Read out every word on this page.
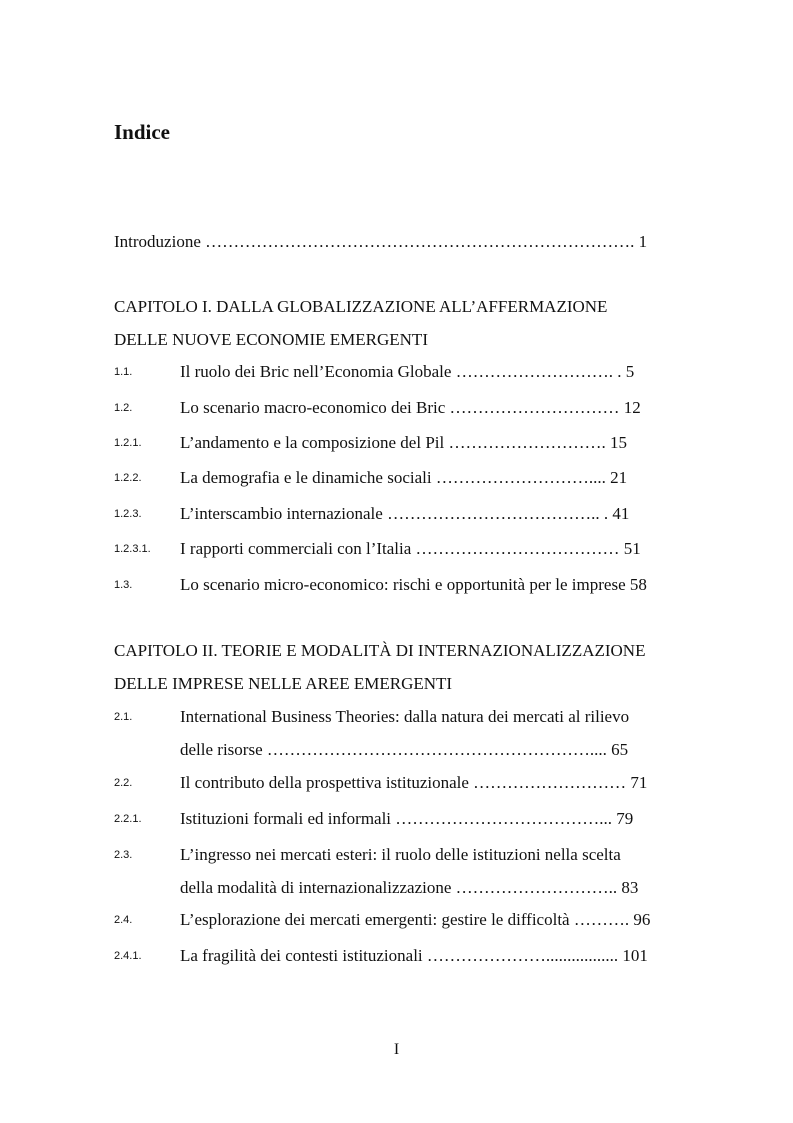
Indice
Introduzione …………………………………………………………………. 1
CAPITOLO I. DALLA GLOBALIZZAZIONE ALL’AFFERMAZIONE
DELLE NUOVE ECONOMIE EMERGENTI
1.1.	Il ruolo dei Bric nell’Economia Globale ………………………. . 5
1.2.	Lo scenario macro-economico dei Bric ………………………… 12
1.2.1. L’andamento e la composizione del Pil ………………………. 15
1.2.2. La demografia e le dinamiche sociali ……………………….... 21
1.2.3. L’interscambio internazionale ……………………………….. . 41
1.2.3.1. I rapporti commerciali con l’Italia ……………………………… 51
1.3.	Lo scenario micro-economico: rischi e opportunità per le imprese 58
CAPITOLO II. TEORIE E MODALITÀ DI INTERNAZIONALIZZAZIONE
DELLE IMPRESE NELLE AREE EMERGENTI
2.1.	International Business Theories: dalla natura dei mercati al rilievo
delle risorse ………………………………………………….... 65
2.2.	Il contributo della prospettiva istituzionale ……………………… 71
2.2.1. Istituzioni formali ed informali ………………………………... 79
2.3.	L’ingresso nei mercati esteri: il ruolo delle istituzioni nella scelta
della modalità di internazionalizzazione ……………………….. 83
2.4.	L’esplorazione dei mercati emergenti: gestire le difficoltà ………. 96
2.4.1. La fragilità dei contesti istituzionali …………………................. 101
I
